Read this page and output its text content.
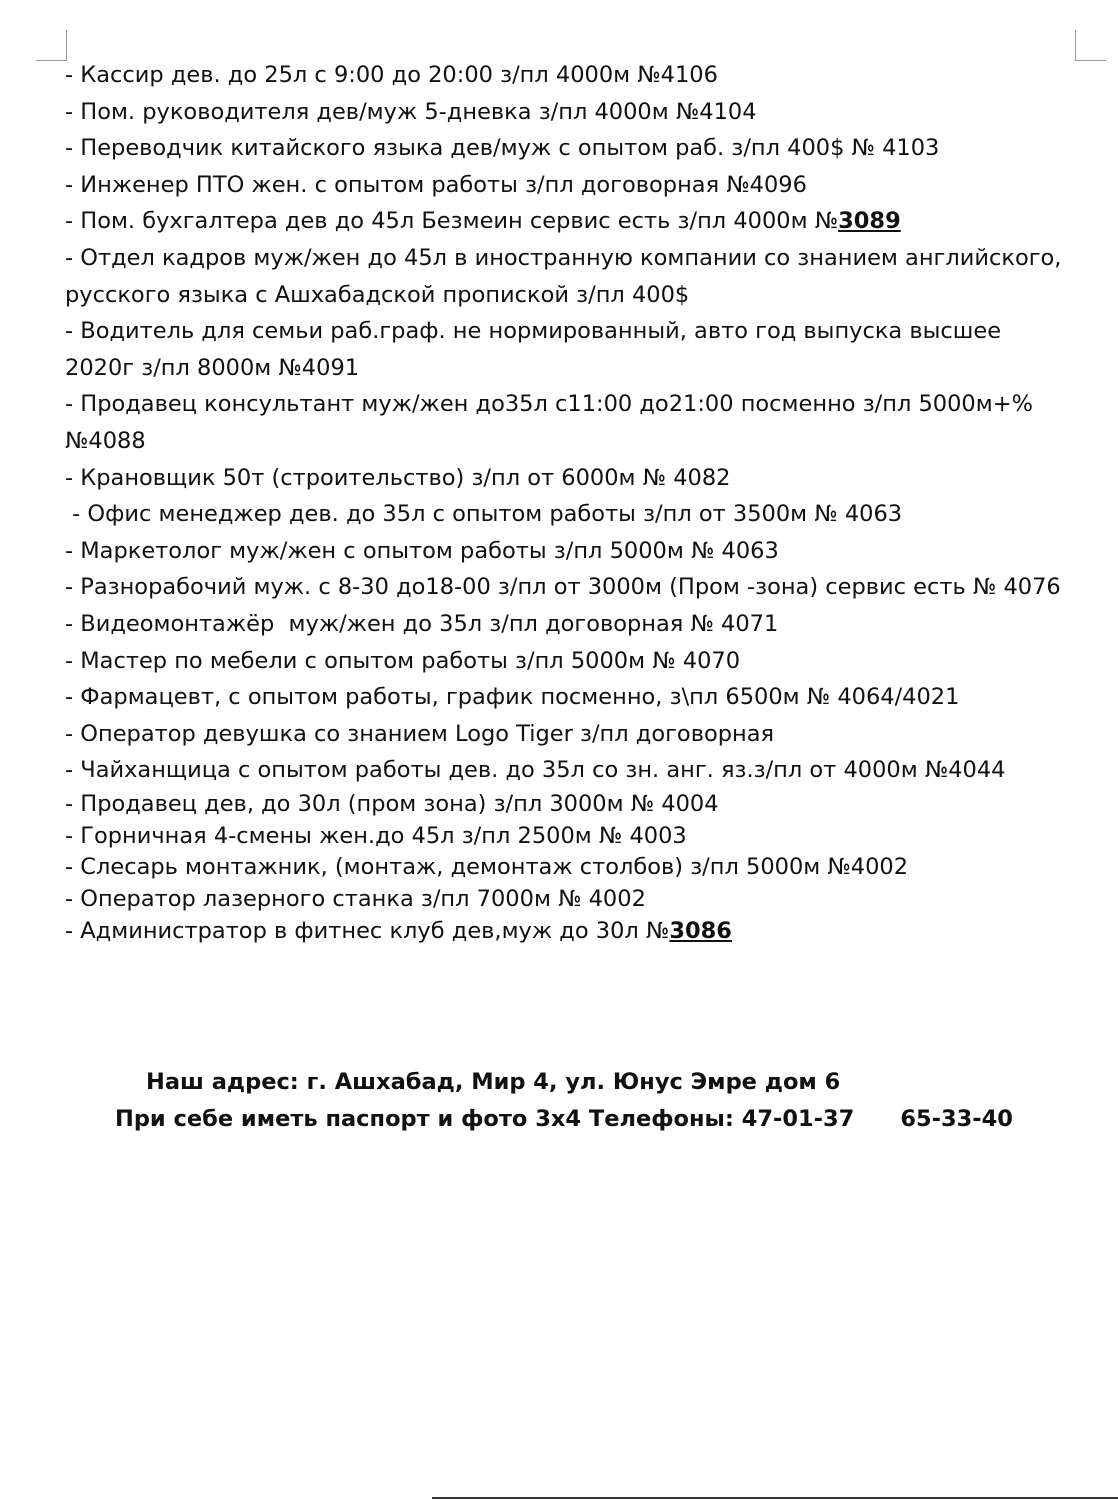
- Кассир дев. до 25л с 9:00 до 20:00 з/пл 4000м №4106
- Пом. руководителя дев/муж 5-дневка з/пл 4000м №4104
- Переводчик китайского языка дев/муж с опытом раб. з/пл 400$ № 4103
- Инженер ПТО жен. с опытом работы з/пл договорная №4096
- Пом. бухгалтера дев до 45л Безмеин сервис есть з/пл 4000м №3089
- Отдел кадров муж/жен до 45л в иностранную компании со знанием английского, русского языка с Ашхабадской пропиской з/пл 400$
- Водитель для семьи раб.граф. не нормированный, авто год выпуска высшее 2020г з/пл 8000м №4091
- Продавец консультант муж/жен до35л с11:00 до21:00 посменно з/пл 5000м+% №4088
- Крановщик 50т (строительство) з/пл от 6000м № 4082
- Офис менеджер дев. до 35л с опытом работы з/пл от 3500м № 4063
- Маркетолог муж/жен с опытом работы з/пл 5000м № 4063
- Разнорабочий муж. с 8-30 до18-00 з/пл от 3000м (Пром -зона) сервис есть № 4076
- Видеомонтажёр  муж/жен до 35л з/пл договорная № 4071
- Мастер по мебели с опытом работы з/пл 5000м № 4070
- Фармацевт, с опытом работы, график посменно, з\пл 6500м № 4064/4021
- Оператор девушка со знанием Logo Tiger з/пл договорная
- Чайханщица с опытом работы дев. до 35л со зн. анг. яз.з/пл от 4000м №4044
- Продавец дев, до 30л (пром зона) з/пл 3000м № 4004
- Горничная 4-смены жен.до 45л з/пл 2500м № 4003
- Слесарь монтажник, (монтаж, демонтаж столбов) з/пл 5000м №4002
- Оператор лазерного станка з/пл 7000м № 4002
- Администратор в фитнес клуб дев,муж до 30л №3086
Наш адрес: г. Ашхабад, Мир 4, ул. Юнус Эмре дом 6
При себе иметь паспорт и фото 3х4 Телефоны: 47-01-37 65-33-40
